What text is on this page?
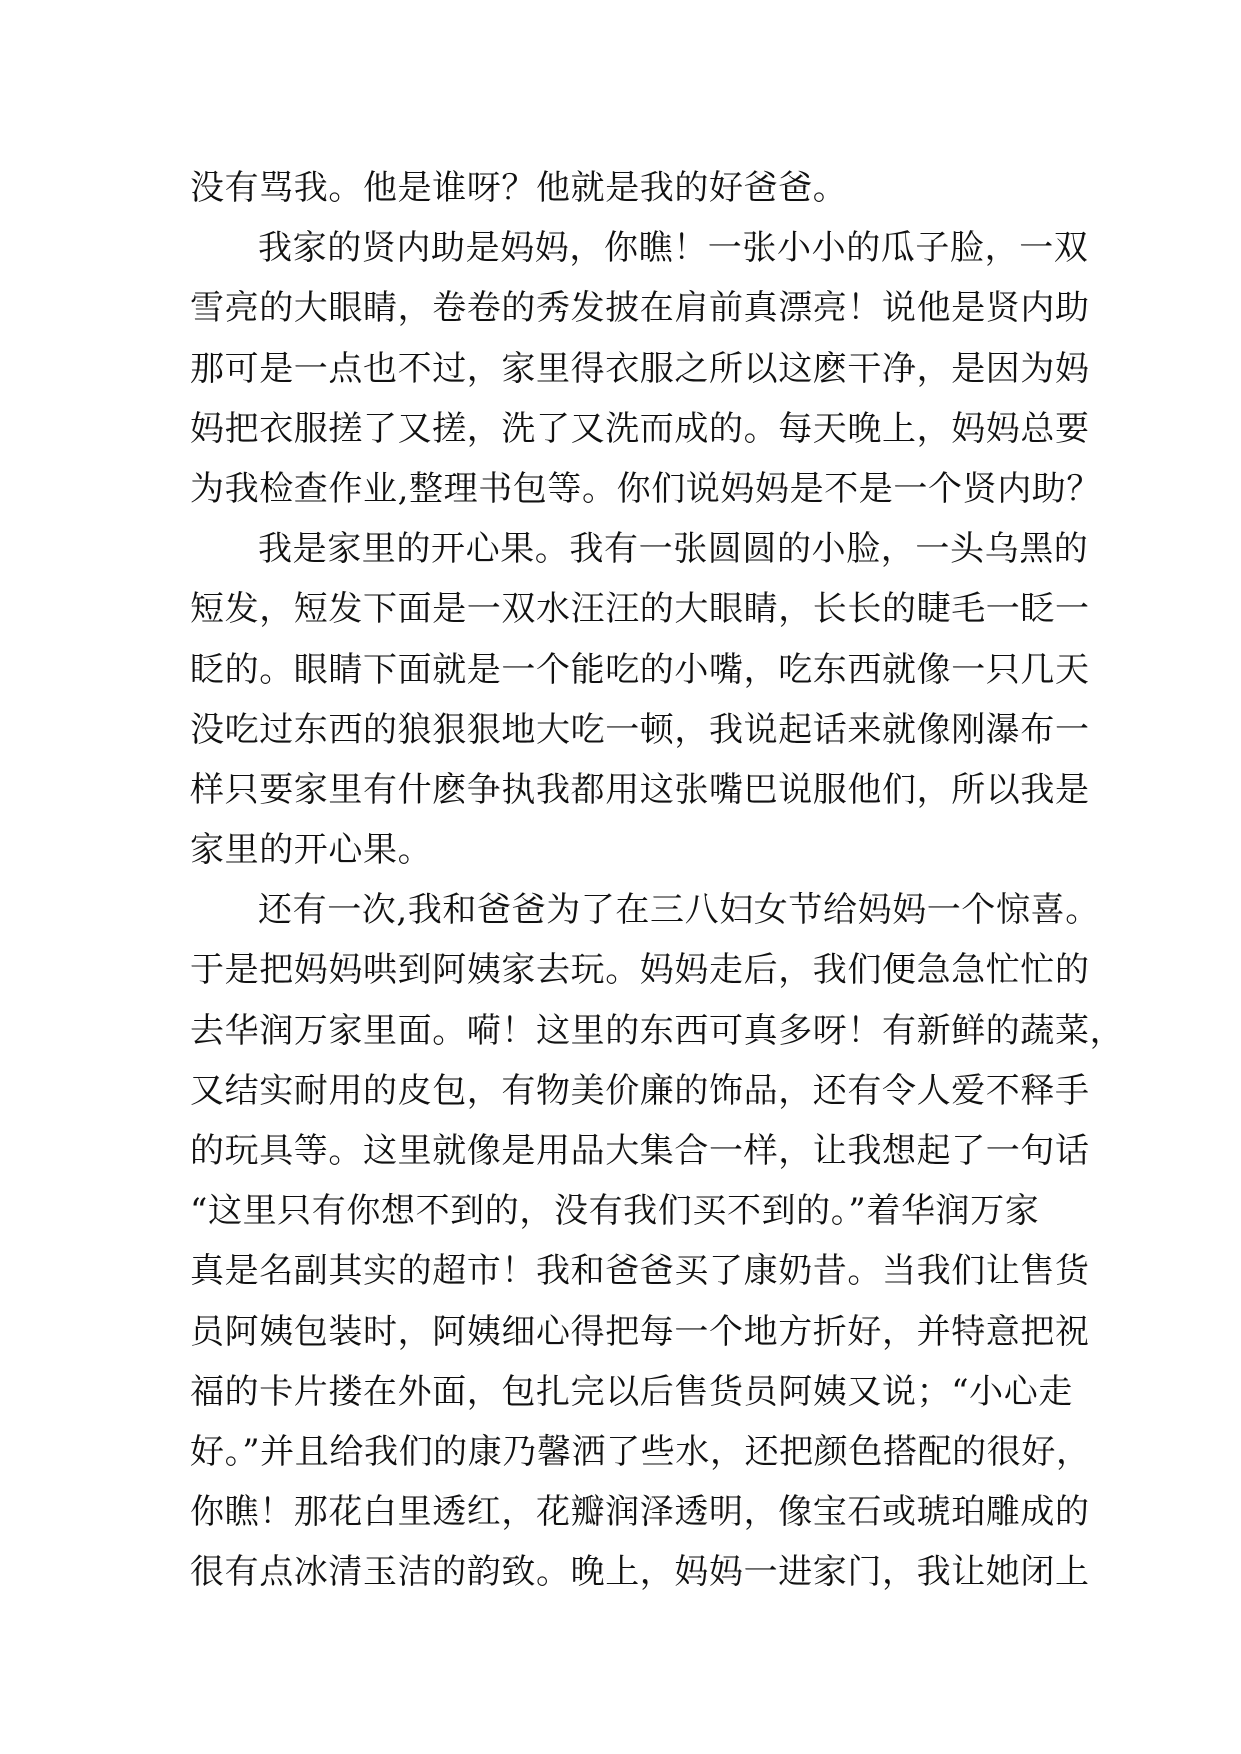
没有骂我。他是谁呀？他就是我的好爸爸。
我家的贤内助是妈妈，你瞧！一张小小的瓜子脸，一双
雪亮的大眼睛，卷卷的秀发披在肩前真漂亮！说他是贤内助
那可是一点也不过，家里得衣服之所以这麽干净，是因为妈
妈把衣服搓了又搓，洗了又洗而成的。每天晚上，妈妈总要
为我检查作业,整理书包等。你们说妈妈是不是一个贤内助？
我是家里的开心果。我有一张圆圆的小脸，一头乌黑的
短发，短发下面是一双水汪汪的大眼睛，长长的睫毛一眨一
眨的。眼睛下面就是一个能吃的小嘴，吃东西就像一只几天
没吃过东西的狼狠狠地大吃一顿，我说起话来就像刚瀑布一
样只要家里有什麽争执我都用这张嘴巴说服他们，所以我是
家里的开心果。
还有一次,我和爸爸为了在三八妇女节给妈妈一个惊喜。
于是把妈妈哄到阿姨家去玩。妈妈走后，我们便急急忙忙的
去华润万家里面。嗬！这里的东西可真多呀！有新鲜的蔬菜，
又结实耐用的皮包，有物美价廉的饰品，还有令人爱不释手
的玩具等。这里就像是用品大集合一样，让我想起了一句话
“这里只有你想不到的，没有我们买不到的。”着华润万家
真是名副其实的超市！我和爸爸买了康奶昔。当我们让售货
员阿姨包装时，阿姨细心得把每一个地方折好，并特意把祝
福的卡片搂在外面，包扎完以后售货员阿姨又说；“小心走
好。”并且给我们的康乃馨洒了些水，还把颜色搭配的很好，
你瞧！那花白里透红，花瓣润泽透明，像宝石或琥珀雕成的
很有点冰清玉洁的韵致。晚上，妈妈一进家门，我让她闭上
